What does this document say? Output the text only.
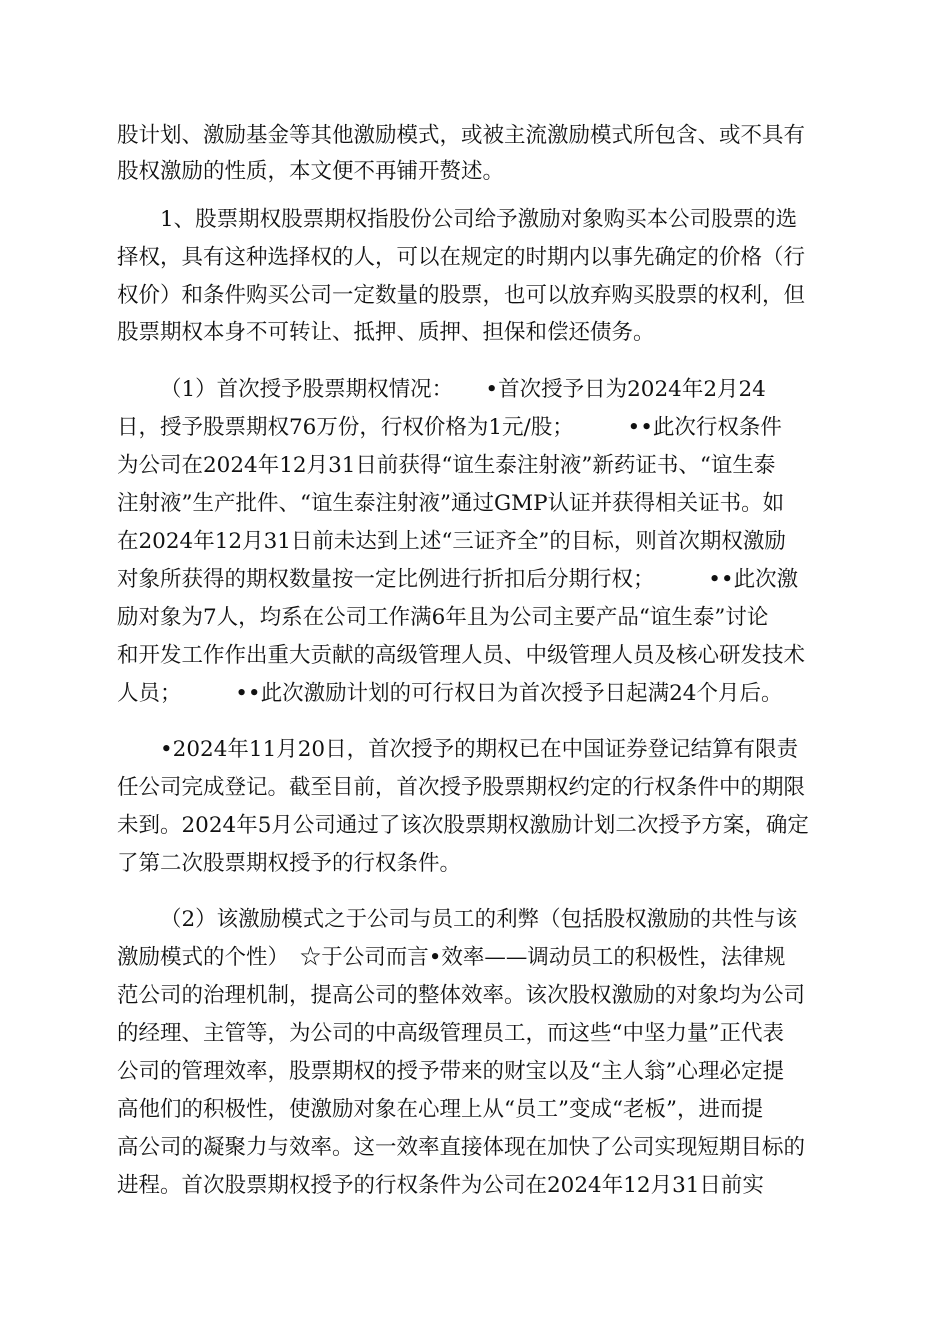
股计划、激励基金等其他激励模式，或被主流激励模式所包含、或不具有
股权激励的性质，本文便不再铺开赘述。
1、股票期权股票期权指股份公司给予激励对象购买本公司股票的选
择权，具有这种选择权的人，可以在规定的时期内以事先确定的价格（行
权价）和条件购买公司一定数量的股票，也可以放弃购买股票的权利，但
股票期权本身不可转让、抵押、质押、担保和偿还债务。
（1）首次授予股票期权情况：　　•首次授予日为2024年2月24
日，授予股票期权76万份，行权价格为1元/股；　　　••此次行权条件
为公司在2024年12月31日前获得“谊生泰注射液”新药证书、“谊生泰
注射液”生产批件、“谊生泰注射液”通过GMP认证并获得相关证书。如
在2024年12月31日前未达到上述“三证齐全”的目标，则首次期权激励
对象所获得的期权数量按一定比例进行折扣后分期行权；　　　••此次激
励对象为7人，均系在公司工作满6年且为公司主要产品“谊生泰”讨论
和开发工作作出重大贡献的高级管理人员、中级管理人员及核心研发技术
人员；　　　••此次激励计划的可行权日为首次授予日起满24个月后。
•2024年11月20日，首次授予的期权已在中国证券登记结算有限责
任公司完成登记。截至目前，首次授予股票期权约定的行权条件中的期限
未到。2024年5月公司通过了该次股票期权激励计划二次授予方案，确定
了第二次股票期权授予的行权条件。
（2）该激励模式之于公司与员工的利弊（包括股权激励的共性与该
激励模式的个性）　☆于公司而言•效率——调动员工的积极性，法律规
范公司的治理机制，提高公司的整体效率。该次股权激励的对象均为公司
的经理、主管等，为公司的中高级管理员工，而这些“中坚力量”正代表
公司的管理效率，股票期权的授予带来的财宝以及“主人翁”心理必定提
高他们的积极性，使激励对象在心理上从“员工”变成“老板”，进而提
高公司的凝聚力与效率。这一效率直接体现在加快了公司实现短期目标的
进程。首次股票期权授予的行权条件为公司在2024年12月31日前实
